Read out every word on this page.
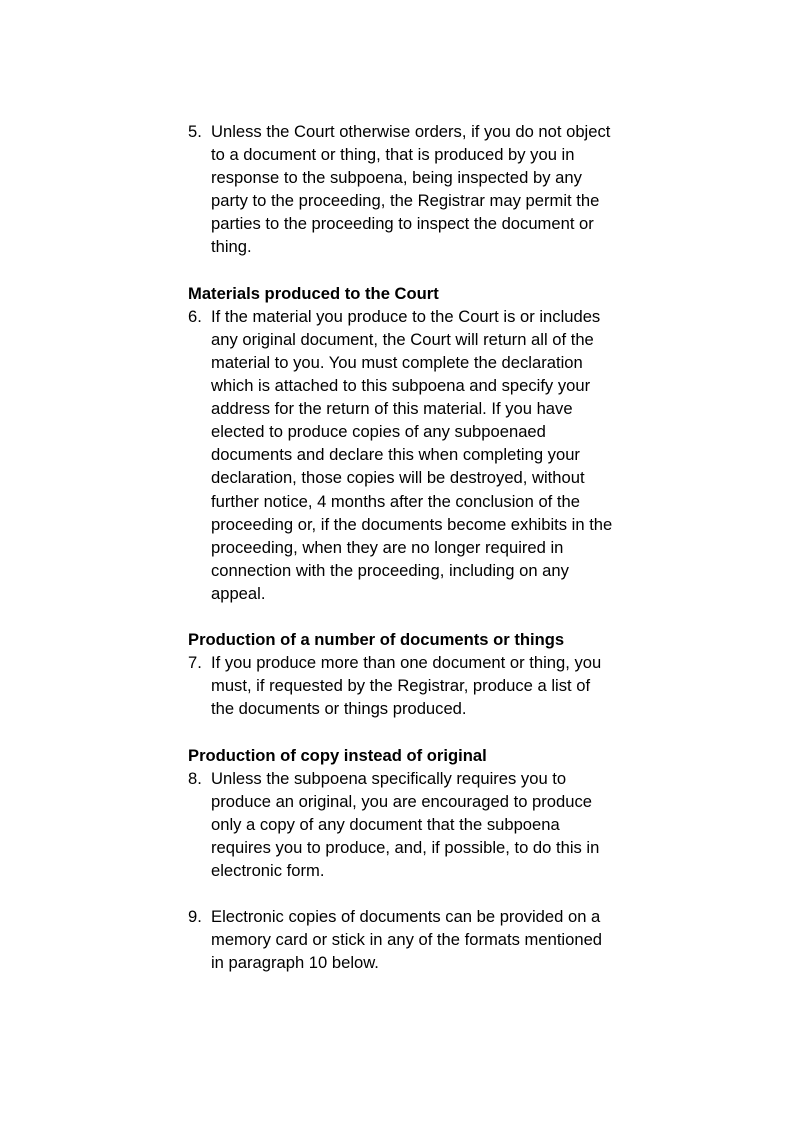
5. Unless the Court otherwise orders, if you do not object
to a document or thing, that is produced by you in
response to the subpoena, being inspected by any
party to the proceeding, the Registrar may permit the
parties to the proceeding to inspect the document or
thing.

Materials produced to the Court

6. If the material you produce to the Court is or includes
any original document, the Court will return all of the
material to you. You must complete the declaration
which is attached to this subpoena and specify your
address for the return of this material. If you have
elected to produce copies of any subpoenaed
documents and declare this when completing your
declaration, those copies will be destroyed, without
further notice, 4 months after the conclusion of the
proceeding or, if the documents become exhibits in the
proceeding, when they are no longer required in
connection with the proceeding, including on any
appeal.

Production of a number of documents or things

7. If you produce more than one document or thing, you
must, if requested by the Registrar, produce a list of
the documents or things produced.

Production of copy instead of original

8. Unless the subpoena specifically requires you to
produce an original, you are encouraged to produce
only a copy of any document that the subpoena
requires you to produce, and, if possible, to do this in
electronic form.
9. Electronic copies of documents can be provided on a
memory card or stick in any of the formats mentioned
in paragraph 10 below.
